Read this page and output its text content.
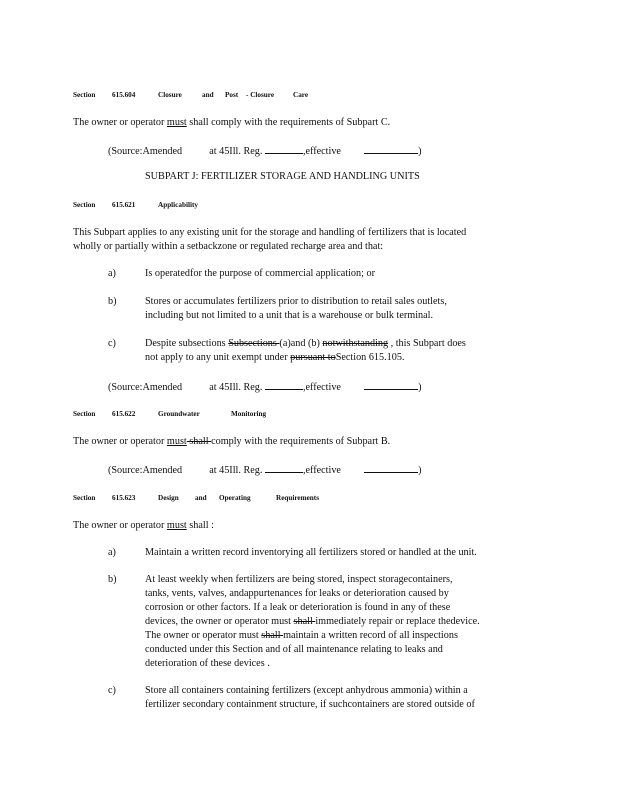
Section 615.604	Closure	and Post - Closure	Care
The owner or operator must shall comply with the requirements of Subpart C.
(Source:Amended	at 45Ill. Reg.	,effective	)
SUBPART J: FERTILIZER STORAGE AND HANDLING UNITS
Section 615.621	Applicability
This Subpart applies to any existing unit for the storage and handling of fertilizers that is located
wholly or partially within a setbackzone or regulated recharge area and that:
a)	Is operatedfor the purpose of commercial application; or
b)	Stores or accumulates fertilizers prior to distribution to retail sales outlets,
including but not limited to a unit that is a warehouse or bulk terminal.
c)	Despite subsections Subsections (a)and (b) notwithstanding , this Subpart does
not apply to any unit exempt under pursuant toSection 615.105.
(Source:Amended	at 45Ill. Reg.	,effective	)
Section 615.622	Groundwater	Monitoring
The owner or operator must shall comply with the requirements of Subpart B.
(Source:Amended	at 45Ill. Reg.	,effective	)
Section 615.623	Design and Operating	Requirements
The owner or operator must shall :
a)	Maintain a written record inventorying all fertilizers stored or handled at the unit.
b)	At least weekly when fertilizers are being stored, inspect storagecontainers,
tanks, vents, valves, andappurtenances for leaks or deterioration caused by
corrosion or other factors. If a leak or deterioration is found in any of these
devices, the owner or operator must shall immediately repair or replace thedevice.
The owner or operator must shall maintain a written record of all inspections
conducted under this Section and of all maintenance relating to leaks and
deterioration of these devices .
c)	Store all containers containing fertilizers (except anhydrous ammonia) within a
fertilizer secondary containment structure, if suchcontainers are stored outside of
